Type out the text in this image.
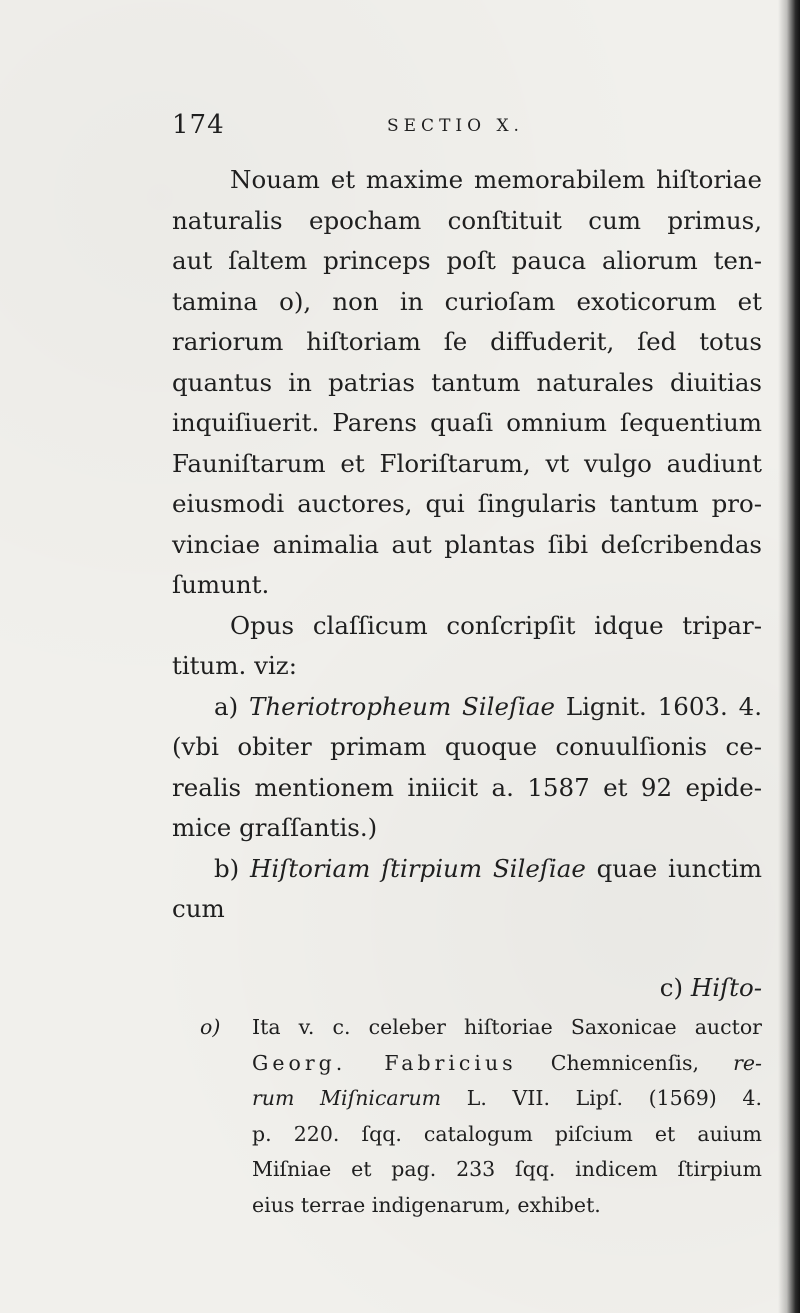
174	SECTIO X.
Nouam et maxime memorabilem hiſtoriae
naturalis epocham conſtituit cum primus,
aut ſaltem princeps poſt pauca aliorum ten-
tamina o), non in curioſam exoticorum et
rariorum hiſtoriam ſe diffuderit, ſed totus
quantus in patrias tantum naturales diuitias
inquiſiuerit. Parens quaſi omnium ſequentium
Fauniſtarum et Floriſtarum, vt vulgo audiunt
eiusmodi auctores, qui ſingularis tantum pro-
vinciae animalia aut plantas ſibi deſcribendas
ſumunt.
Opus claſſicum conſcripſit idque tripar-
titum. viz:
a) Theriotropheum Sileſiae Lignit. 1603. 4.
(vbi obiter primam quoque conuulſionis ce-
realis mentionem iniicit a. 1587 et 92 epide-
mice graſſantis.)
b) Hiſtoriam ſtirpium Sileſiae quae iunctim
cum
c) Hiſto-
o) Ita v. c. celeber hiſtoriae Saxonicae auctor
Georg. Fabricius Chemnicenſis, re-
rum Miſnicarum L. VII. Lipſ. (1569) 4.
p. 220. ſqq. catalogum piſcium et auium
Miſniae et pag. 233 ſqq. indicem ſtirpium
eius terrae indigenarum, exhibet.
